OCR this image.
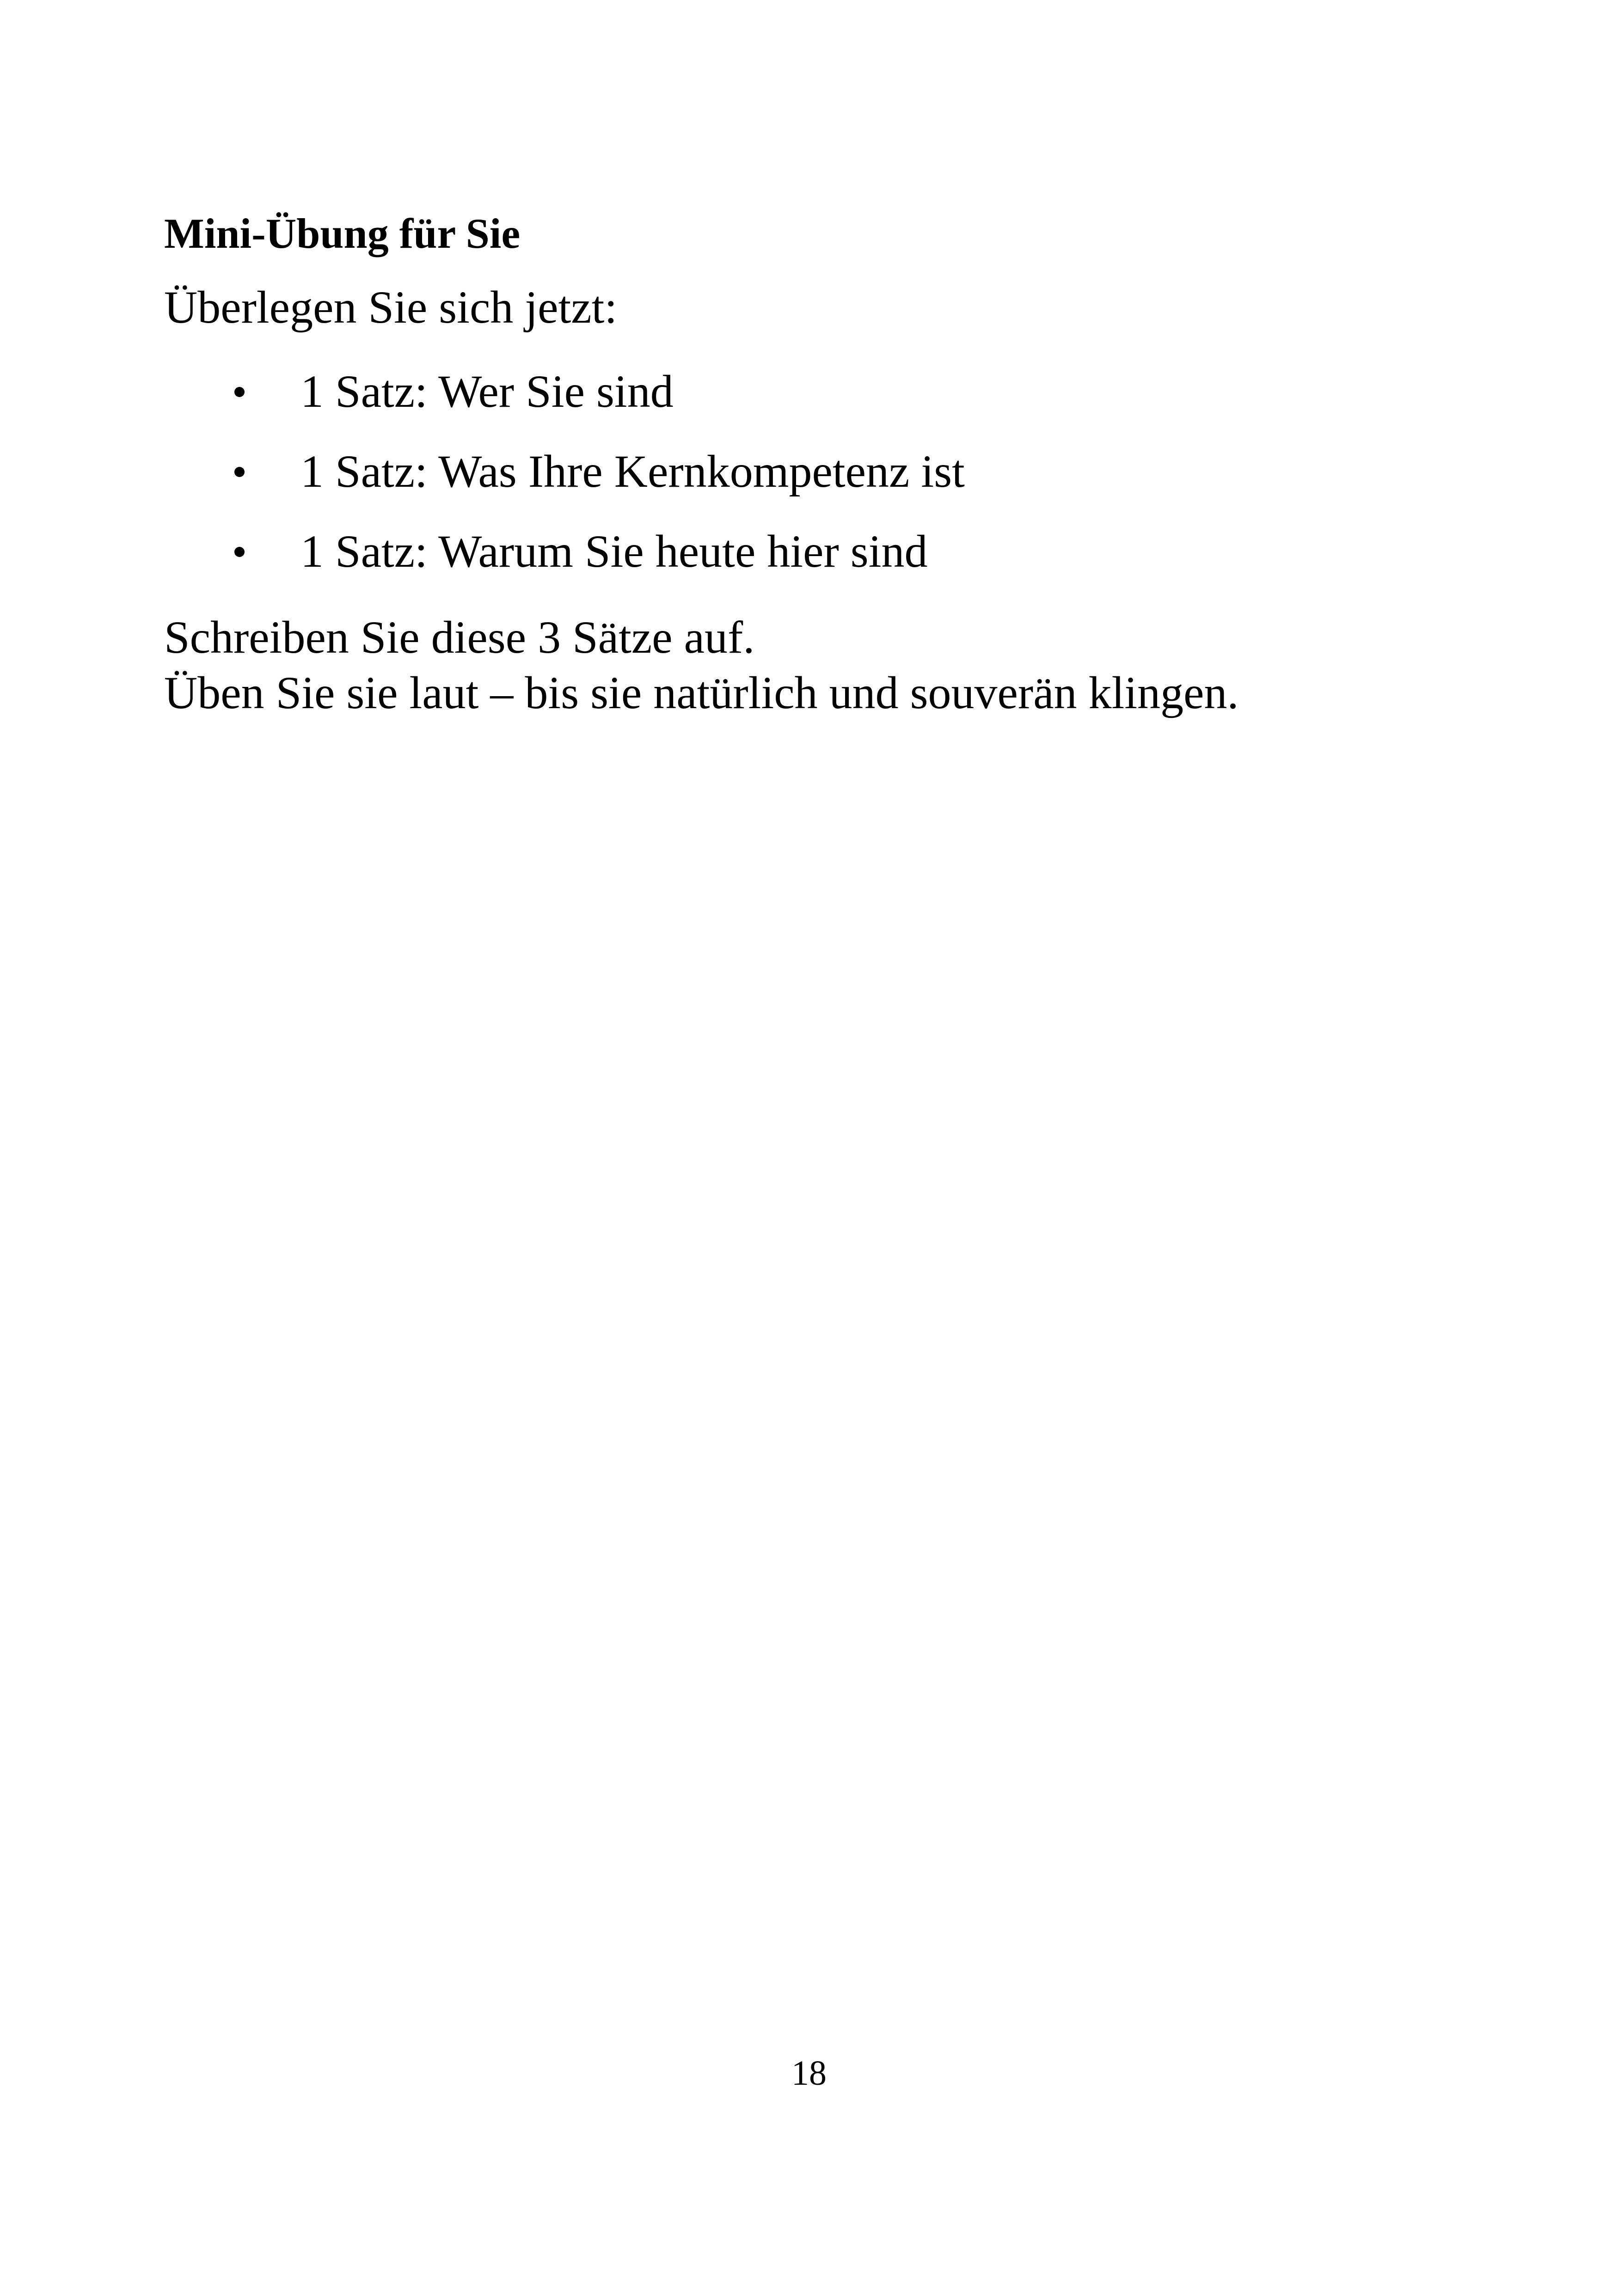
Mini-Übung für Sie

Überlegen Sie sich jetzt:

1 Satz: Wer Sie sind
1 Satz: Was Ihre Kernkompetenz ist
1 Satz: Warum Sie heute hier sind

Schreiben Sie diese 3 Sätze auf.
Üben Sie sie laut – bis sie natürlich und souverän klingen.

18
